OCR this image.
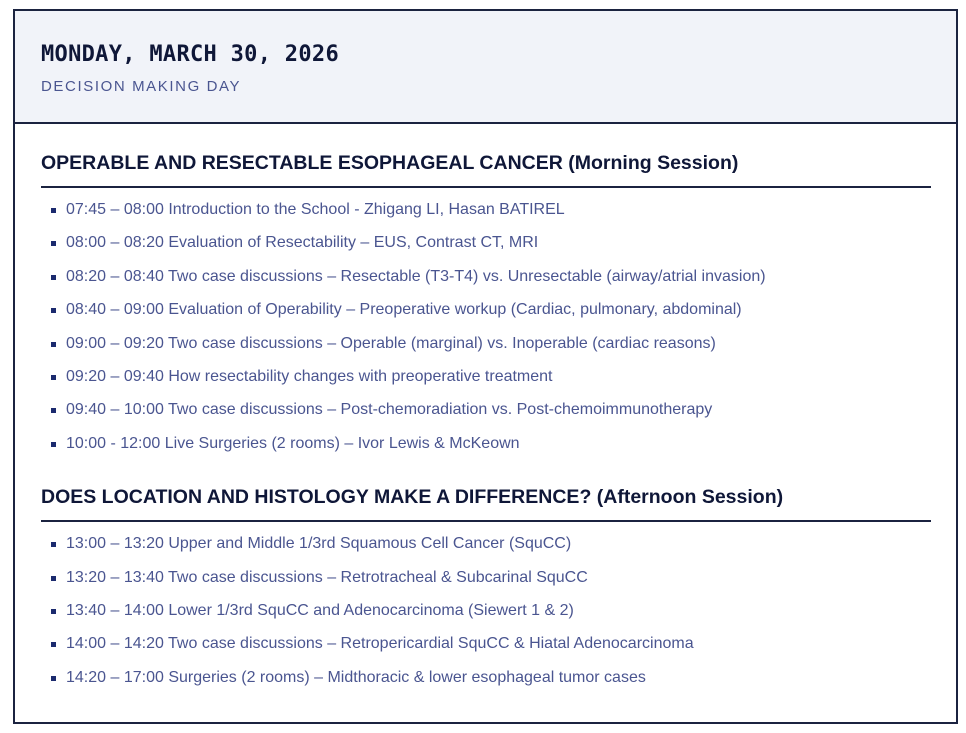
MONDAY, MARCH 30, 2026
DECISION MAKING DAY
OPERABLE AND RESECTABLE ESOPHAGEAL CANCER (Morning Session)
07:45 – 08:00 Introduction to the School - Zhigang LI, Hasan BATIREL
08:00 – 08:20 Evaluation of Resectability – EUS, Contrast CT, MRI
08:20 – 08:40 Two case discussions – Resectable (T3-T4) vs. Unresectable (airway/atrial invasion)
08:40 – 09:00 Evaluation of Operability – Preoperative workup (Cardiac, pulmonary, abdominal)
09:00 – 09:20 Two case discussions – Operable (marginal) vs. Inoperable (cardiac reasons)
09:20 – 09:40 How resectability changes with preoperative treatment
09:40 – 10:00 Two case discussions – Post-chemoradiation vs. Post-chemoimmunotherapy
10:00 - 12:00 Live Surgeries (2 rooms) – Ivor Lewis & McKeown
DOES LOCATION AND HISTOLOGY MAKE A DIFFERENCE? (Afternoon Session)
13:00 – 13:20 Upper and Middle 1/3rd Squamous Cell Cancer (SquCC)
13:20 – 13:40 Two case discussions – Retrotracheal & Subcarinal SquCC
13:40 – 14:00 Lower 1/3rd SquCC and Adenocarcinoma (Siewert 1 & 2)
14:00 – 14:20 Two case discussions – Retropericardial SquCC & Hiatal Adenocarcinoma
14:20 – 17:00 Surgeries (2 rooms) – Midthoracic & lower esophageal tumor cases
